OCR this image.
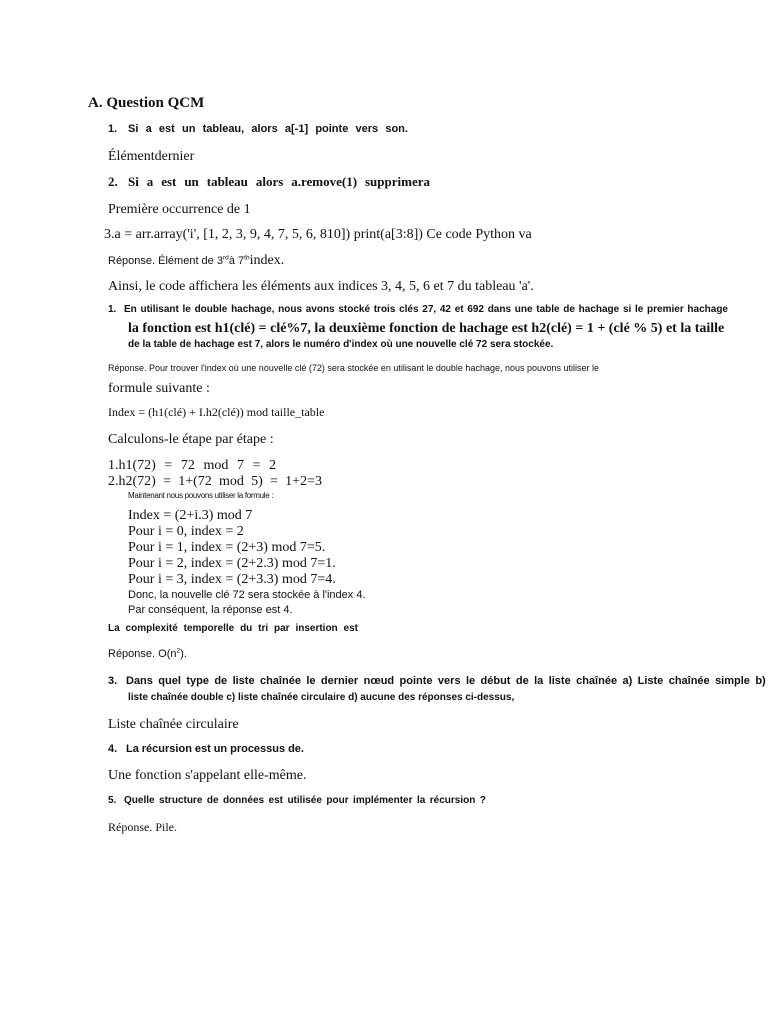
A. Question QCM
1. Si a est un tableau, alors a[-1] pointe vers son.
Élémentdernier
2. Si a est un tableau alors a.remove(1) supprimera
Première occurrence de 1
3.a = arr.array('i', [1, 2, 3, 9, 4, 7, 5, 6, 810]) print(a[3:8]) Ce code Python va
Réponse. Élément de 3rdà 7thindex.
Ainsi, le code affichera les éléments aux indices 3, 4, 5, 6 et 7 du tableau 'a'.
1. En utilisant le double hachage, nous avons stocké trois clés 27, 42 et 692 dans une table de hachage si le premier hachage
la fonction est h1(clé) = clé%7, la deuxième fonction de hachage est h2(clé) = 1 + (clé % 5) et la taille
de la table de hachage est 7, alors le numéro d'index où une nouvelle clé 72 sera stockée.
Réponse. Pour trouver l'index où une nouvelle clé (72) sera stockée en utilisant le double hachage, nous pouvons utiliser le
formule suivante :
Index = (h1(clé) + I.h2(clé)) mod taille_table
Calculons-le étape par étape :
1.h1(72) = 72 mod 7 = 2
2.h2(72) = 1+(72 mod 5) = 1+2=3
Maintenant nous pouvons utiliser la formule :
Index = (2+i.3) mod 7
Pour i = 0, index = 2
Pour i = 1, index = (2+3) mod 7=5.
Pour i = 2, index = (2+2.3) mod 7=1.
Pour i = 3, index = (2+3.3) mod 7=4.
Donc, la nouvelle clé 72 sera stockée à l'index 4.
Par conséquent, la réponse est 4.
La complexité temporelle du tri par insertion est
Réponse. $O(n^2)$.
3. Dans quel type de liste chaînée le dernier nœud pointe vers le début de la liste chaînée a) Liste chaînée simple b)
liste chaînée double c) liste chaînée circulaire d) aucune des réponses ci-dessus,
Liste chaînée circulaire
4. La récursion est un processus de.
Une fonction s'appelant elle-même.
5. Quelle structure de données est utilisée pour implémenter la récursion ?
Réponse. Pile.
